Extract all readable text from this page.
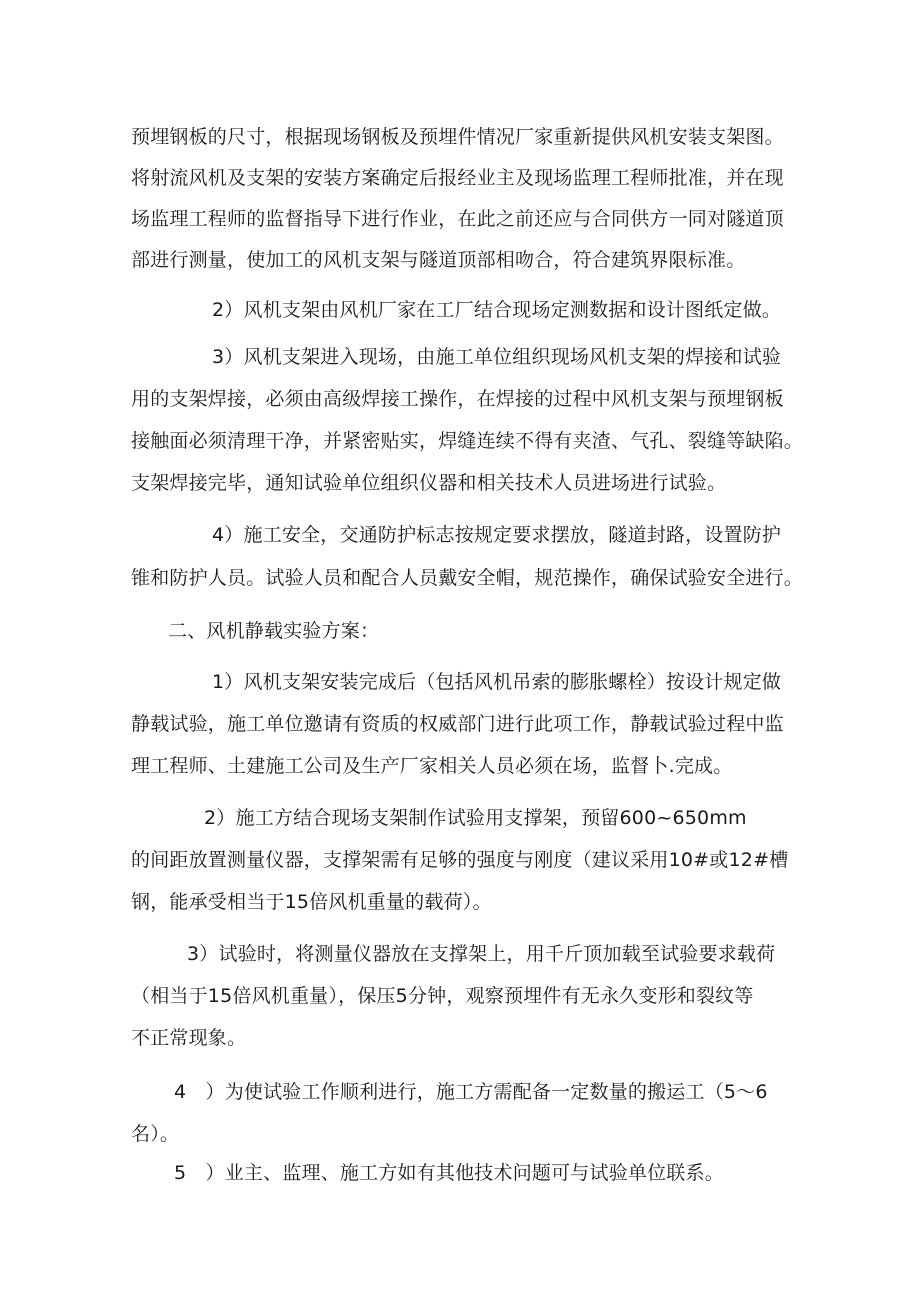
预埋钢板的尺寸，根据现场钢板及预埋件情况厂家重新提供风机安装支架图。

将射流风机及支架的安装方案确定后报经业主及现场监理工程师批准，并在现

场监理工程师的监督指导下进行作业，在此之前还应与合同供方一同对隧道顶

部进行测量，使加工的风机支架与隧道顶部相吻合，符合建筑界限标准。

2）风机支架由风机厂家在工厂结合现场定测数据和设计图纸定做。

3）风机支架进入现场，由施工单位组织现场风机支架的焊接和试验

用的支架焊接，必须由高级焊接工操作，在焊接的过程中风机支架与预埋钢板

接触面必须清理干净，并紧密贴实，焊缝连续不得有夹渣、气孔、裂缝等缺陷。

支架焊接完毕，通知试验单位组织仪器和相关技术人员进场进行试验。

4）施工安全，交通防护标志按规定要求摆放，隧道封路，设置防护

锥和防护人员。试验人员和配合人员戴安全帽，规范操作，确保试验安全进行。

二、风机静载实验方案：

1）风机支架安装完成后（包括风机吊索的膨胀螺栓）按设计规定做

静载试验，施工单位邀请有资质的权威部门进行此项工作，静载试验过程中监

理工程师、土建施工公司及生产厂家相关人员必须在场，监督卜.完成。

2）施工方结合现场支架制作试验用支撑架，预留600~650mm

的间距放置测量仪器，支撑架需有足够的强度与刚度（建议采用10#或12#槽

钢，能承受相当于15倍风机重量的载荷）。

3）试验时，将测量仪器放在支撑架上，用千斤顶加载至试验要求载荷

（相当于15倍风机重量），保压5分钟，观察预埋件有无永久变形和裂纹等

不正常现象。

4　）为使试验工作顺利进行，施工方需配备一定数量的搬运工（5〜6

名）。

5　）业主、监理、施工方如有其他技术问题可与试验单位联系。
